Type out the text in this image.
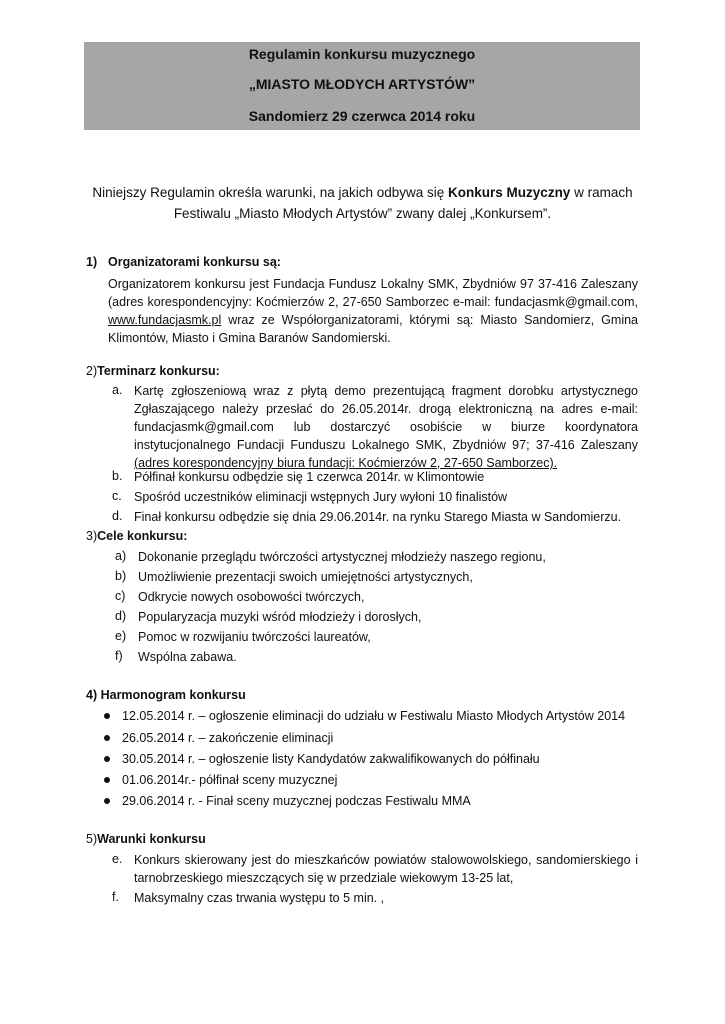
Regulamin konkursu muzycznego
„MIASTO MŁODYCH ARTYSTÓW”
Sandomierz 29 czerwca 2014 roku
Niniejszy Regulamin określa warunki, na jakich odbywa się Konkurs Muzyczny w ramach Festiwalu „Miasto Młodych Artystów” zwany dalej „Konkursem”.
1) Organizatorami konkursu są:
Organizatorem konkursu jest Fundacja Fundusz Lokalny SMK, Zbydniów 97 37-416 Zaleszany (adres korespondencyjny: Koćmierzów 2, 27-650 Samborzec e-mail: fundacjasmk@gmail.com, www.fundacjasmk.pl wraz ze Współorganizatorami, którymi są: Miasto Sandomierz, Gmina Klimontów, Miasto i Gmina Baranów Sandomierski.
2)Terminarz konkursu:
a. Kartę zgłoszeniową wraz z płytą demo prezentującą fragment dorobku artystycznego Zgłaszającego należy przesłać do 26.05.2014r. drogą elektroniczną na adres e-mail: fundacjasmk@gmail.com lub dostarczyć osobiście w biurze koordynatora instytucjonalnego Fundacji Funduszu Lokalnego SMK, Zbydniów 97; 37-416 Zaleszany (adres korespondencyjny biura fundacji: Koćmierzów 2, 27-650 Samborzec).
b. Półfinał konkursu odbędzie się 1 czerwca 2014r. w Klimontowie
c. Spośród uczestników eliminacji wstępnych Jury wyłoni 10 finalistów
d. Finał konkursu odbędzie się dnia 29.06.2014r. na rynku Starego Miasta w Sandomierzu.
3)Cele konkursu:
a) Dokonanie przeglądu twórczości artystycznej młodzieży naszego regionu,
b) Umożliwienie prezentacji swoich umiejętności artystycznych,
c) Odkrycie nowych osobowości twórczych,
d) Popularyzacja muzyki wśród młodzieży i dorosłych,
e) Pomoc w rozwijaniu twórczości laureatów,
f) Wspólna zabawa.
4) Harmonogram konkursu
12.05.2014 r. – ogłoszenie eliminacji do udziału w Festiwalu Miasto Młodych Artystów 2014
26.05.2014 r. – zakończenie eliminacji
30.05.2014 r. – ogłoszenie listy Kandydatów zakwalifikowanych do półfinału
01.06.2014r.- półfinał sceny muzycznej
29.06.2014 r. - Finał sceny muzycznej podczas Festiwalu MMA
5)Warunki konkursu
e. Konkurs skierowany jest do mieszkańców powiatów stalowowolskiego, sandomierskiego i tarnobrzeskiego mieszczących się w przedziale wiekowym 13-25 lat,
f. Maksymalny czas trwania występu to 5 min. ,
